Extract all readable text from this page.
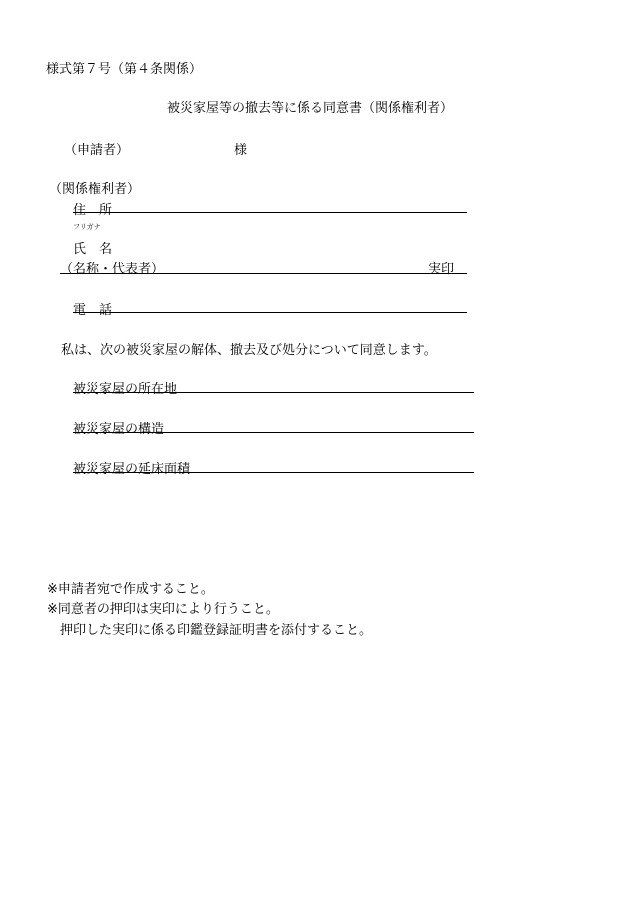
様式第７号（第４条関係）
被災家屋等の撤去等に係る同意書（関係権利者）
（申請者）	様
（関係権利者）
住　所
フリガナ
氏　名
（名称・代表者）	実印
電　話
私は、次の被災家屋の解体、撤去及び処分について同意します。
被災家屋の所在地
被災家屋の構造
被災家屋の延床面積
※申請者宛で作成すること。
※同意者の押印は実印により行うこと。
　押印した実印に係る印鑑登録証明書を添付すること。
